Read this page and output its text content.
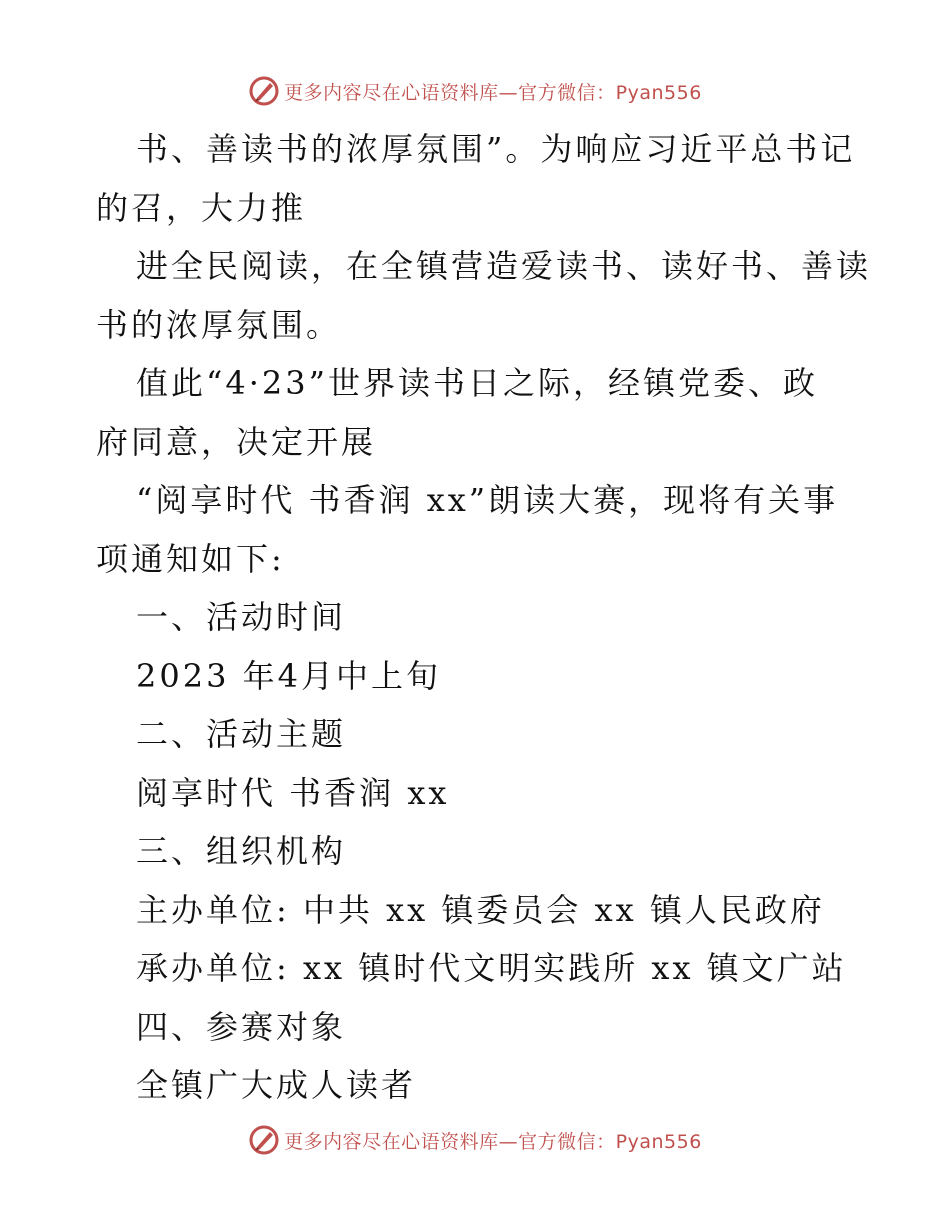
更多内容尽在心语资料库—官方微信：Pyan556
书、善读书的浓厚氛围”。为响应习近平总书记
的召，大力推
进全民阅读，在全镇营造爱读书、读好书、善读
书的浓厚氛围。
值此“4·23”世界读书日之际，经镇党委、政
府同意，决定开展
“阅享时代 书香润 xx”朗读大赛，现将有关事
项通知如下:
一、活动时间
2023 年4月中上旬
二、活动主题
阅享时代 书香润 xx
三、组织机构
主办单位: 中共 xx 镇委员会 xx 镇人民政府
承办单位: xx 镇时代文明实践所 xx 镇文广站
四、参赛对象
全镇广大成人读者
更多内容尽在心语资料库—官方微信：Pyan556
